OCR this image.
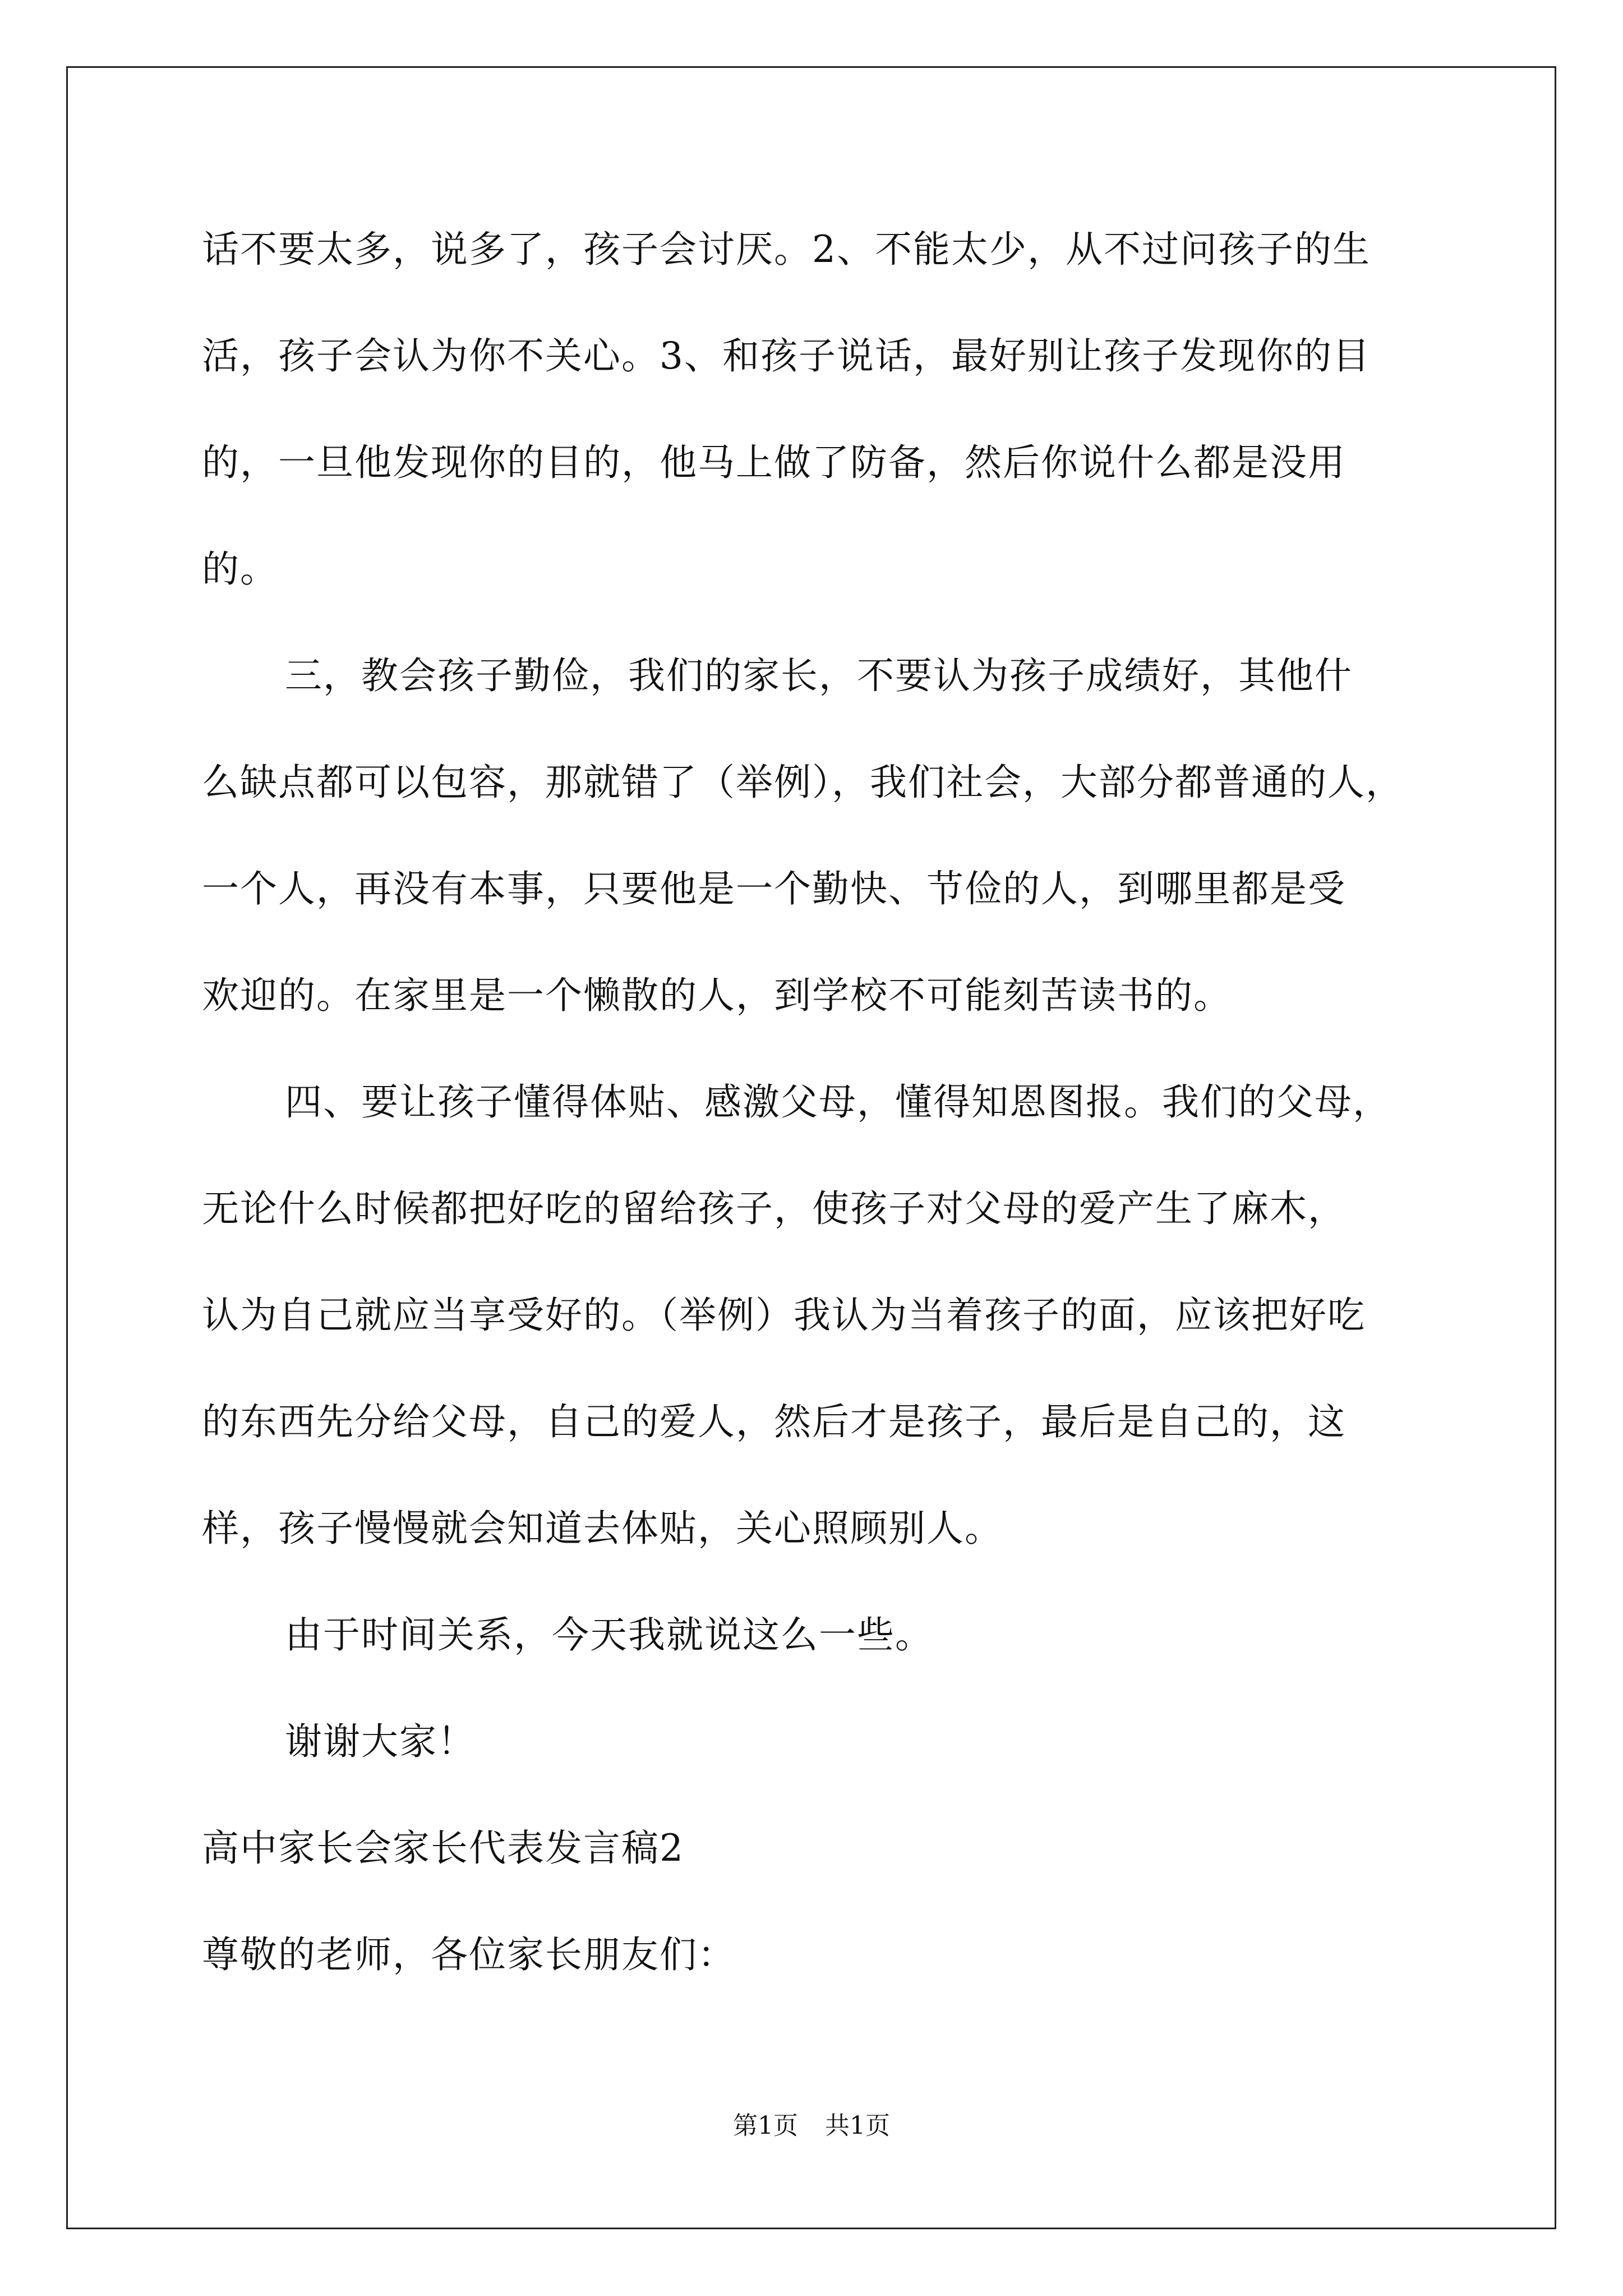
话不要太多，说多了，孩子会讨厌。2、不能太少，从不过问孩子的生
活，孩子会认为你不关心。3、和孩子说话，最好别让孩子发现你的目
的，一旦他发现你的目的，他马上做了防备，然后你说什么都是没用
的。
三，教会孩子勤俭，我们的家长，不要认为孩子成绩好，其他什
么缺点都可以包容，那就错了（举例），我们社会，大部分都普通的人，
一个人，再没有本事，只要他是一个勤快、节俭的人，到哪里都是受
欢迎的。在家里是一个懒散的人，到学校不可能刻苦读书的。
四、要让孩子懂得体贴、感激父母，懂得知恩图报。我们的父母，
无论什么时候都把好吃的留给孩子，使孩子对父母的爱产生了麻木，
认为自己就应当享受好的。（举例）我认为当着孩子的面，应该把好吃
的东西先分给父母，自己的爱人，然后才是孩子，最后是自己的，这
样，孩子慢慢就会知道去体贴，关心照顾别人。
由于时间关系，今天我就说这么一些。
谢谢大家！
高中家长会家长代表发言稿2
尊敬的老师，各位家长朋友们：
第1页 共1页
